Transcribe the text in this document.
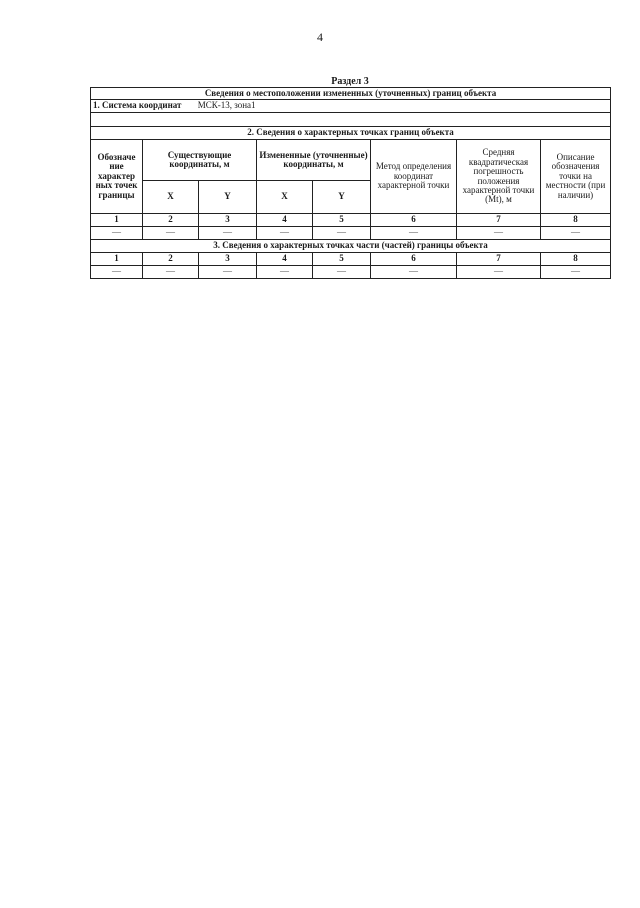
4
Раздел 3
Сведения о местоположении измененных (уточненных) границ объекта							
1. Система координат МСК-13, зона1							

2. Сведения о характерных точках границ объекта							
Обозначе ние характер ных точек границы	Существующие координаты, м		Измененные (уточненные) координаты, м		Метод определения координат характерной точки	Средняя квадратическая погрешность положения характерной точки (Mt), м	Описание обозначения точки на местности (при наличии)
	X	Y	X	Y			
1	2	3	4	5	6	7	8
—	—	—	—	—	—	—	—
3. Сведения о характерных точках части (частей) границы объекта							
1	2	3	4	5	6	7	8
—	—	—	—	—	—	—	—
